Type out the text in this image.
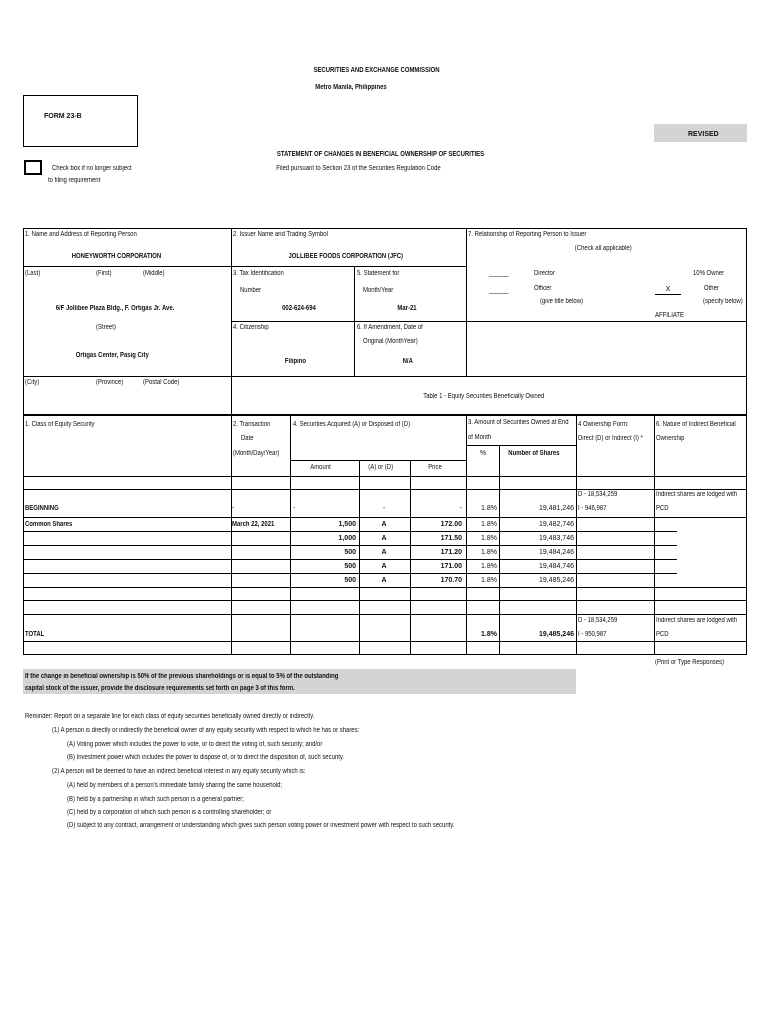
SECURITIES AND EXCHANGE COMMISSION
Metro Manila, Philippines
FORM 23-B
REVISED
STATEMENT OF CHANGES IN BENEFICIAL OWNERSHIP OF SECURITIES
Filed pursuant to Section 23 of the Securities Regulation Code
Check box if no longer subject
to filing requirement
1. Name and Address of Reporting Person
HONEYWORTH CORPORATION
(Last)	(First)	(Middle)
6/F Jollibee Plaza Bldg., F. Ortigas Jr. Ave.
(Street)
Ortigas Center, Pasig City
(City)	(Province)	(Postal Code)
2. Issuer Name and Trading Symbol
JOLLIBEE FOODS CORPORATION (JFC)
3. Tax Identification
Number
002-624-694
5. Statement for
Month/Year
Mar-21
4. Citizenship
Filipino
6. If Amendment, Date of
Original (MonthYear)
N/A
7. Relationship of Reporting Person to Issuer
(Check all applicable)
_____	Director
_____	Officer
(give title below)
10% Owner
X	Other
(specify below)
AFFILIATE
Table 1 - Equity Securities Beneficially Owned
1. Class of Equity Security	2. Transaction
Date
(Month/Day/Year)
4. Securities Acquired (A) or Disposed of (D)
Amount	(A) or (D)	Price
3. Amount of Securities Owned at End
of Month
%	Number of Shares
4 Ownership Form:
Direct (D) or Indirect (I) *
6. Nature of Indirect Beneficial
Ownership
BEGINNING	-	-	-	-	1.8%	19,481,246
D - 18,534,259
I - 946,987
Indirect shares are lodged with
PCD
Common Shares	March 22, 2021	1,500	A	172.00	1.8%	19,482,746
1,000	A	171.50	1.8%	19,483,746
500	A	171.20	1.8%	19,484,246
500	A	171.00	1.8%	19,484,746
500	A	170.70	1.8%	19,485,246
TOTAL	1.8%	19,485,246
D - 18,534,259
I - 950,987
Indirect shares are lodged with
PCD
(Print or Type Responses)
If the change in beneficial ownership is 50% of the previous shareholdings or is equal to 5% of the outstanding
capital stock of the issuer, provide the disclosure requirements set forth on page 3 of this form.
Reminder: Report on a separate line for each class of equity securities beneficially owned directly or indirectly.
(1) A person is directly or indirectly the beneficial owner of any equity security with respect to which he has or shares:
(A) Voting power which includes the power to vote, or to direct the voting of, such security; and/or
(B) Investment power which includes the power to dispose of, or to direct the disposition of, such security.
(2) A person will be deemed to have an indirect beneficial interest in any equity security which is:
(A) held by members of a person's immediate family sharing the same household;
(B) held by a partnership in which such person is a general partner;
(C) held by a corporation of which such person is a controlling shareholder; or
(D) subject to any contract, arrangement or understanding which gives such person voting power or investment power with respect to such security.
